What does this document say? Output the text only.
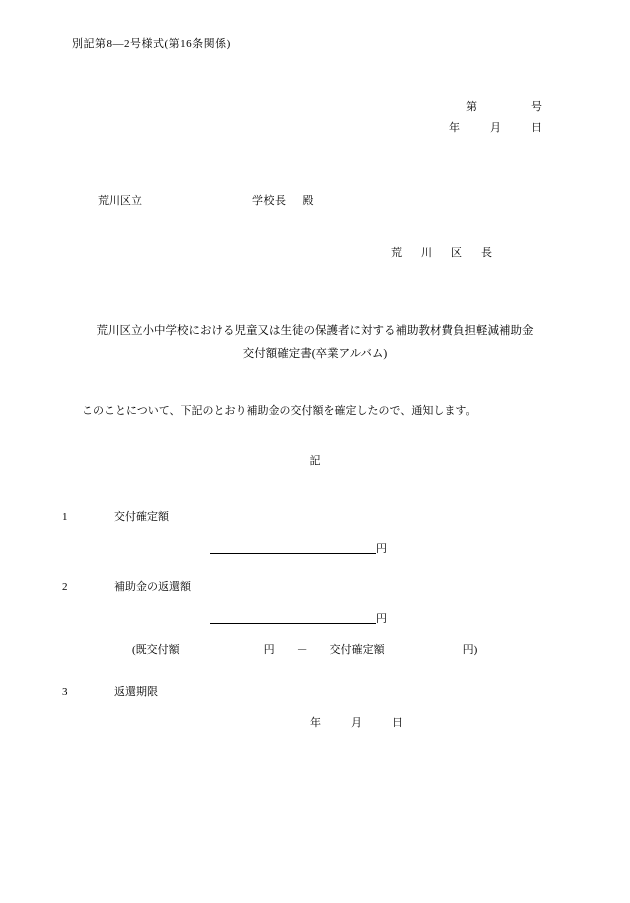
別記第8―2号様式(第16条関係)
第	号
年	月	日
荒川区立	学校長 殿
荒　川　区　長
荒川区立小中学校における児童又は生徒の保護者に対する補助教材費負担軽減補助金
交付額確定書(卒業アルバム)
このことについて、下記のとおり補助金の交付額を確定したので、通知します。
記
1	交付確定額
円
2	補助金の返還額
円
(既交付額	円 － 交付確定額	円)
3	返還期限
年	月	日
